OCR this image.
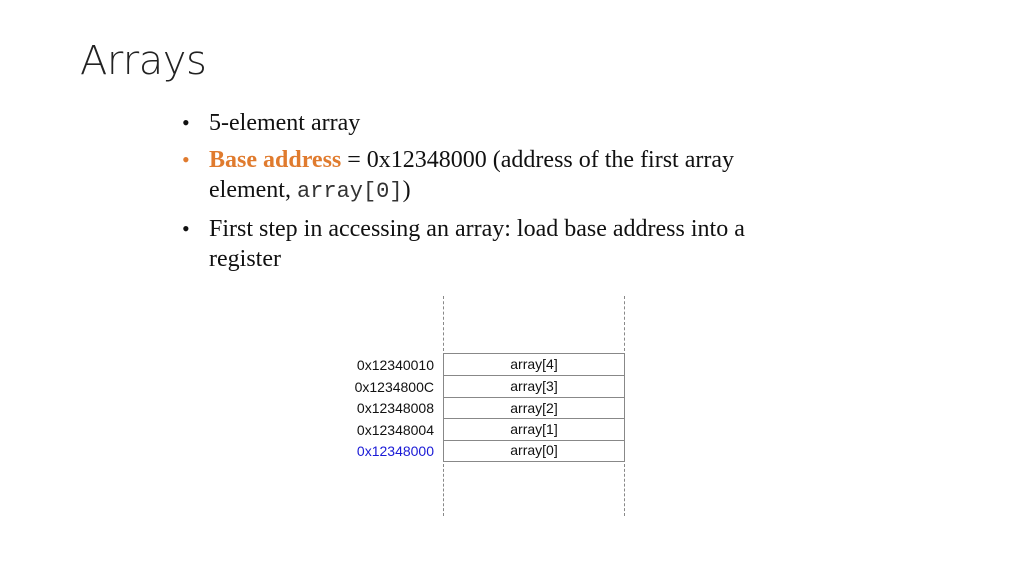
Arrays
• 5-element array
• Base address = 0x12348000 (address of the first array element, array[0])
• First step in accessing an array: load base address into a register
array[4]
array[3]
array[2]
array[1]
array[0]
0x12340010
0x1234800C
0x12348008
0x12348004
0x12348000
